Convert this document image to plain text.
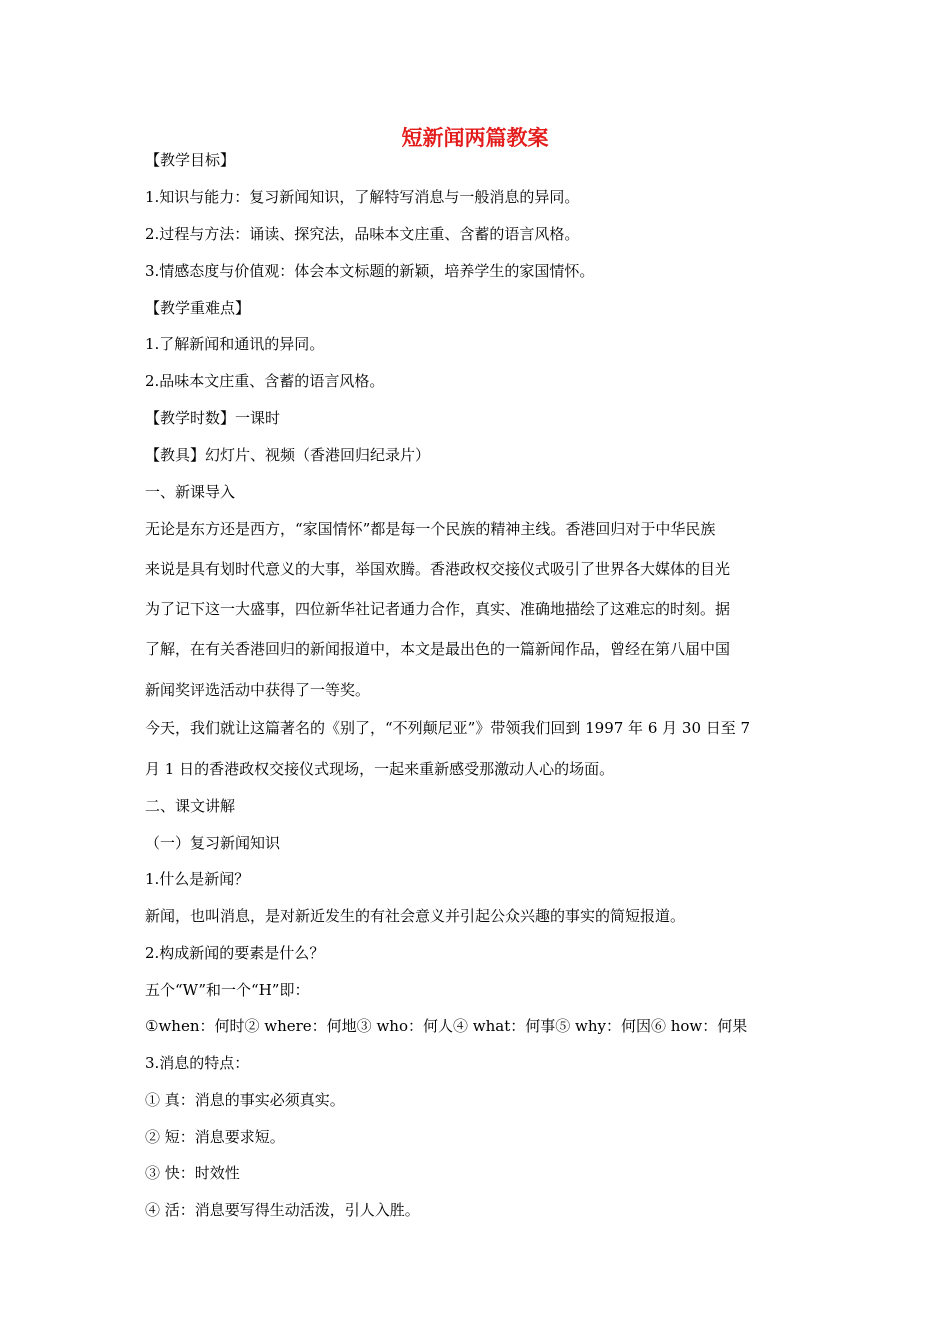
短新闻两篇教案
【教学目标】
1.知识与能力：复习新闻知识，了解特写消息与一般消息的异同。
2.过程与方法：诵读、探究法，品味本文庄重、含蓄的语言风格。
3.情感态度与价值观：体会本文标题的新颖，培养学生的家国情怀。
【教学重难点】
1.了解新闻和通讯的异同。
2.品味本文庄重、含蓄的语言风格。
【教学时数】一课时
【教具】幻灯片、视频（香港回归纪录片）
一、新课导入
无论是东方还是西方，“家国情怀”都是每一个民族的精神主线。香港回归对于中华民族
来说是具有划时代意义的大事，举国欢腾。香港政权交接仪式吸引了世界各大媒体的目光
为了记下这一大盛事，四位新华社记者通力合作，真实、准确地描绘了这难忘的时刻。据
了解，在有关香港回归的新闻报道中，本文是最出色的一篇新闻作品，曾经在第八届中国
新闻奖评选活动中获得了一等奖。
今天，我们就让这篇著名的《别了，“不列颠尼亚”》带领我们回到 1997 年 6 月 30 日至 7
月 1 日的香港政权交接仪式现场，一起来重新感受那激动人心的场面。
二、课文讲解
（一）复习新闻知识
1.什么是新闻？
新闻，也叫消息，是对新近发生的有社会意义并引起公众兴趣的事实的简短报道。
2.构成新闻的要素是什么？
五个“W”和一个“H”即：
①when：何时② where：何地③ who：何人④ what：何事⑤ why：何因⑥ how：何果
3.消息的特点：
① 真：消息的事实必须真实。
② 短：消息要求短。
③ 快：时效性
④ 活：消息要写得生动活泼，引人入胜。
